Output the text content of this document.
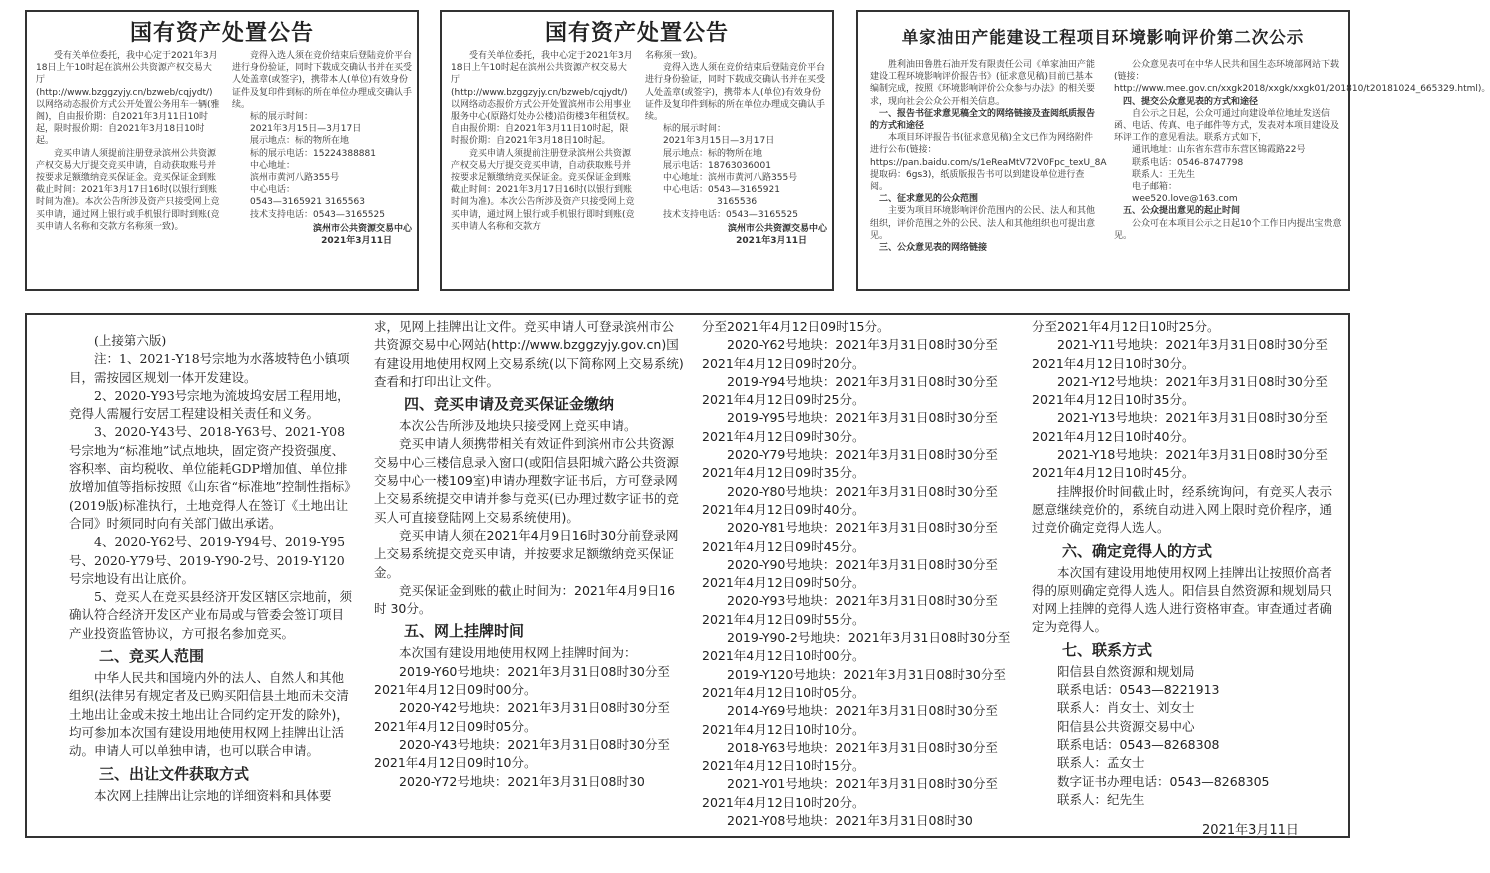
国有资产处置公告

受有关单位委托，我中心定于2021年3月18日上午10时起在滨州公共资源产权交易大厅(http://www.bzggzyjy.cn/bzweb/cqjydt/)以网络动态报价方式公开处置公务用车一辆(雅阁)，自由报价期：自2021年3月11日10时起，限时报价期：自2021年3月18日10时起。

竞买申请人须提前注册登录滨州公共资源产权交易大厅提交竞买申请，自动获取账号并按要求足额缴纳竞买保证金。竞买保证金到账截止时间：2021年3月17日16时(以银行到账时间为准)。本次公告所涉及资产只接受网上竞买申请，通过网上银行或手机银行即时到账(竞买申请人名称和交款方名称须一致)。

竞得入选人须在竞价结束后登陆竞价平台进行身份验证，同时下载成交确认书并在买受人处盖章(或签字)，携带本人(单位)有效身份证件及复印件到标的所在单位办理成交确认手续。

标的展示时间：

2021年3月15日—3月17日

展示地点：标的物所在地

标的展示电话：15224388881

中心地址：

滨州市黄河八路355号

中心电话：

0543—3165921 3165563

技术支持电话：0543—3165525

滨州市公共资源交易中心

2021年3月11日

国有资产处置公告

受有关单位委托，我中心定于2021年3月18日上午10时起在滨州公共资源产权交易大厅(http://www.bzggzyjy.cn/bzweb/cqjydt/)以网络动态报价方式公开处置滨州市公用事业服务中心(原路灯处办公楼)沿街楼3年租赁权。自由报价期：自2021年3月11日10时起，限时报价期：自2021年3月18日10时起。

竞买申请人须提前注册登录滨州公共资源产权交易大厅提交竞买申请，自动获取账号并按要求足额缴纳竞买保证金。竞买保证金到账截止时间：2021年3月17日16时(以银行到账时间为准)。本次公告所涉及资产只接受网上竞买申请，通过网上银行或手机银行即时到账(竞买申请人名称和交款方

名称须一致)。

竞得入选人须在竞价结束后登陆竞价平台进行身份验证，同时下载成交确认书并在买受人处盖章(或签字)，携带本人(单位)有效身份证件及复印件到标的所在单位办理成交确认手续。

标的展示时间：

2021年3月15日—3月17日

展示地点：标的物所在地

展示电话：18763036001

中心地址：滨州市黄河八路355号

中心电话：0543—3165921

3165536

技术支持电话：0543—3165525

滨州市公共资源交易中心

2021年3月11日

单家油田产能建设工程项目环境影响评价第二次公示

胜利油田鲁胜石油开发有限责任公司《单家油田产能建设工程环境影响评价报告书》(征求意见稿)目前已基本编制完成，按照《环境影响评价公众参与办法》的相关要求，现向社会公众公开相关信息。

一、报告书征求意见稿全文的网络链接及查阅纸质报告的方式和途径

本项目环评报告书(征求意见稿)全文已作为网络附件进行公布(链接：https://pan.baidu.com/s/1eReaMtV72V0Fpc_texU_8A 提取码：6gs3)，纸质版报告书可以到建设单位进行查阅。

二、征求意见的公众范围

主要为项目环境影响评价范围内的公民、法人和其他组织，评价范围之外的公民、法人和其他组织也可提出意见。

三、公众意见表的网络链接

公众意见表可在中华人民共和国生态环境部网站下载(链接：http://www.mee.gov.cn/xxgk2018/xxgk/xxgk01/201810/t20181024_665329.html)。

四、提交公众意见表的方式和途径

自公示之日起，公众可通过向建设单位地址发送信函、电话、传真、电子邮件等方式，发表对本项目建设及环评工作的意见看法。联系方式如下，

通讯地址：山东省东营市东营区锦霞路22号

联系电话：0546-8747798

联系人：王先生

电子邮箱：

wee520.love@163.com

五、公众提出意见的起止时间

公众可在本项目公示之日起10个工作日内提出宝贵意见。

(上接第六版)

注：1、2021-Y18号宗地为水落坡特色小镇项目，需按园区规划一体开发建设。

2、2020-Y93号宗地为流坡坞安居工程用地，竞得人需履行安居工程建设相关责任和义务。

3、2020-Y43号、2018-Y63号、2021-Y08号宗地为“标准地”试点地块，固定资产投资强度、容积率、亩均税收、单位能耗GDP增加值、单位排放增加值等指标按照《山东省“标准地”控制性指标》(2019版)标准执行，土地竞得人在签订《土地出让合同》时须同时向有关部门做出承诺。

4、2020-Y62号、2019-Y94号、2019-Y95号、2020-Y79号、2019-Y90-2号、2019-Y120号宗地设有出让底价。

5、竞买人在竞买县经济开发区辖区宗地前，须确认符合经济开发区产业布局或与管委会签订项目产业投资监管协议，方可报名参加竞买。

二、竞买人范围

中华人民共和国境内外的法人、自然人和其他组织(法律另有规定者及已购买阳信县土地而未交清土地出让金或未按土地出让合同约定开发的除外)，均可参加本次国有建设用地使用权网上挂牌出让活动。申请人可以单独申请，也可以联合申请。

三、出让文件获取方式

本次网上挂牌出让宗地的详细资料和具体要

求，见网上挂牌出让文件。竞买申请人可登录滨州市公共资源交易中心网站(http://www.bzggzyjy.gov.cn)国有建设用地使用权网上交易系统(以下简称网上交易系统)查看和打印出让文件。

四、竞买申请及竞买保证金缴纳

本次公告所涉及地块只接受网上竞买申请。

竞买申请人须携带相关有效证件到滨州市公共资源交易中心三楼信息录入窗口(或阳信县阳城六路公共资源交易中心一楼109室)申请办理数字证书后，方可登录网上交易系统提交申请并参与竞买(已办理过数字证书的竞买人可直接登陆网上交易系统使用)。

竞买申请人须在2021年4月9日16时30分前登录网上交易系统提交竞买申请，并按要求足额缴纳竞买保证金。

竞买保证金到账的截止时间为：2021年4月9日16时 30分。

五、网上挂牌时间

本次国有建设用地使用权网上挂牌时间为：

2019-Y60号地块：2021年3月31日08时30分至2021年4月12日09时00分。

2020-Y42号地块：2021年3月31日08时30分至2021年4月12日09时05分。

2020-Y43号地块：2021年3月31日08时30分至2021年4月12日09时10分。

2020-Y72号地块：2021年3月31日08时30

分至2021年4月12日09时15分。

2020-Y62号地块：2021年3月31日08时30分至2021年4月12日09时20分。

2019-Y94号地块：2021年3月31日08时30分至2021年4月12日09时25分。

2019-Y95号地块：2021年3月31日08时30分至2021年4月12日09时30分。

2020-Y79号地块：2021年3月31日08时30分至2021年4月12日09时35分。

2020-Y80号地块：2021年3月31日08时30分至2021年4月12日09时40分。

2020-Y81号地块：2021年3月31日08时30分至2021年4月12日09时45分。

2020-Y90号地块：2021年3月31日08时30分至2021年4月12日09时50分。

2020-Y93号地块：2021年3月31日08时30分至2021年4月12日09时55分。

2019-Y90-2号地块：2021年3月31日08时30分至2021年4月12日10时00分。

2019-Y120号地块：2021年3月31日08时30分至2021年4月12日10时05分。

2014-Y69号地块：2021年3月31日08时30分至2021年4月12日10时10分。

2018-Y63号地块：2021年3月31日08时30分至2021年4月12日10时15分。

2021-Y01号地块：2021年3月31日08时30分至2021年4月12日10时20分。

2021-Y08号地块：2021年3月31日08时30

分至2021年4月12日10时25分。

2021-Y11号地块：2021年3月31日08时30分至2021年4月12日10时30分。

2021-Y12号地块：2021年3月31日08时30分至2021年4月12日10时35分。

2021-Y13号地块：2021年3月31日08时30分至2021年4月12日10时40分。

2021-Y18号地块：2021年3月31日08时30分至2021年4月12日10时45分。

挂牌报价时间截止时，经系统询问，有竞买人表示愿意继续竞价的，系统自动进入网上限时竞价程序，通过竞价确定竞得人选人。

六、确定竞得人的方式

本次国有建设用地使用权网上挂牌出让按照价高者得的原则确定竞得人选人。阳信县自然资源和规划局只对网上挂牌的竞得人选人进行资格审查。审查通过者确定为竞得人。

七、联系方式

阳信县自然资源和规划局

联系电话：0543—8221913

联系人：肖女士、刘女士

阳信县公共资源交易中心

联系电话：0543—8268308

联系人：孟女士

数字证书办理电话：0543—8268305

联系人：纪先生

2021年3月11日
